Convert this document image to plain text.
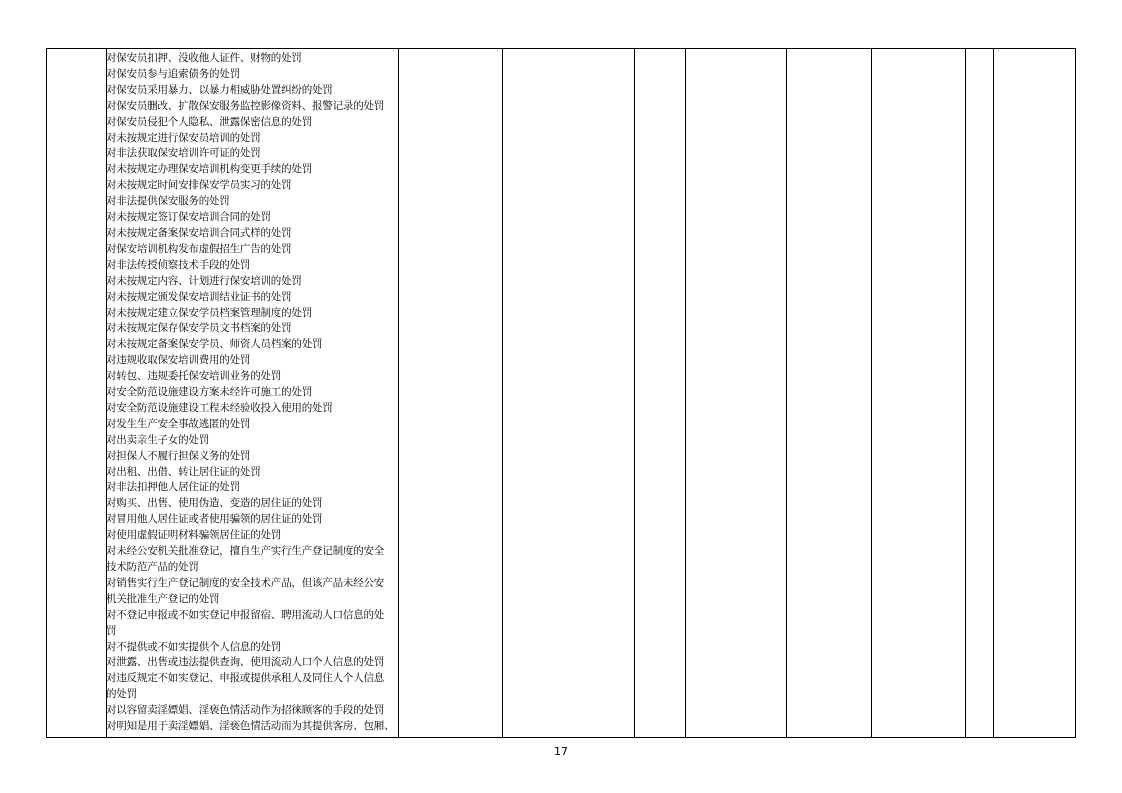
对保安员扣押、没收他人证件、财物的处罚
对保安员参与追索债务的处罚
对保安员采用暴力、以暴力相威胁处置纠纷的处罚
对保安员删改、扩散保安服务监控影像资料、报警记录的处罚
对保安员侵犯个人隐私、泄露保密信息的处罚
对未按规定进行保安员培训的处罚
对非法获取保安培训许可证的处罚
对未按规定办理保安培训机构变更手续的处罚
对未按规定时间安排保安学员实习的处罚
对非法提供保安服务的处罚
对未按规定签订保安培训合同的处罚
对未按规定备案保安培训合同式样的处罚
对保安培训机构发布虚假招生广告的处罚
对非法传授侦察技术手段的处罚
对未按规定内容、计划进行保安培训的处罚
对未按规定颁发保安培训结业证书的处罚
对未按规定建立保安学员档案管理制度的处罚
对未按规定保存保安学员文书档案的处罚
对未按规定备案保安学员、师资人员档案的处罚
对违规收取保安培训费用的处罚
对转包、违规委托保安培训业务的处罚
对安全防范设施建设方案未经许可施工的处罚
对安全防范设施建设工程未经验收投入使用的处罚
对发生生产安全事故逃匿的处罚
对出卖亲生子女的处罚
对担保人不履行担保义务的处罚
对出租、出借、转让居住证的处罚
对非法扣押他人居住证的处罚
对购买、出售、使用伪造、变造的居住证的处罚
对冒用他人居住证或者使用骗领的居住证的处罚
对使用虚假证明材料骗领居住证的处罚
对未经公安机关批准登记，擅自生产实行生产登记制度的安全
技术防范产品的处罚
对销售实行生产登记制度的安全技术产品，但该产品未经公安
机关批准生产登记的处罚
对不登记申报或不如实登记申报留宿、聘用流动人口信息的处
罚
对不提供或不如实提供个人信息的处罚
对泄露、出售或违法提供查询、使用流动人口个人信息的处罚
对违反规定不如实登记、申报或提供承租人及同住人个人信息
的处罚
对以容留卖淫嫖娼、淫亵色情活动作为招徕顾客的手段的处罚
对明知是用于卖淫嫖娼、淫亵色情活动而为其提供客房、包厢、
17
